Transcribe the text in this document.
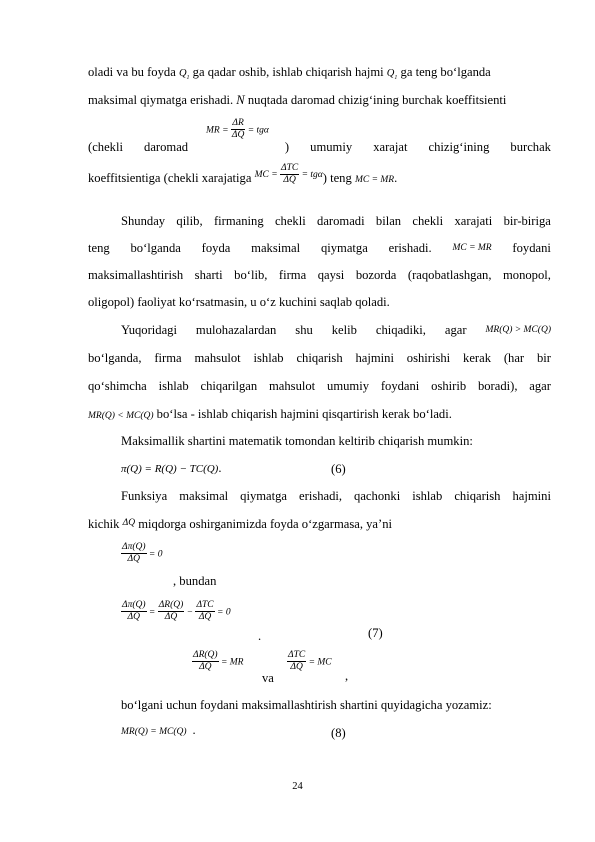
oladi va bu foyda $Q_1$ ga qadar oshib, ishlab chiqarish hajmi $Q_1$ ga teng bo‘lganda
maksimal qiymatga erishadi. N nuqtada daromad chizig‘ining burchak koeffitsienti
MR = $\frac{\Delta R}{\Delta Q} = tg\alpha$
(chekli daromad	) umumiy xarajat chizig‘ining burchak
koeffitsientiga (chekli xarajatiga MC = $\frac{\text{ΔTC}}{\Delta Q} = tg\alpha$) teng MC = MR.
Shunday qilib, firmaning chekli daromadi bilan chekli xarajati bir-biriga
teng bo‘lganda foyda maksimal qiymatga erishadi. MC = MR foydani
maksimallashtirish sharti bo‘lib, firma qaysi bozorda (raqobatlashgan, monopol,
oligopol) faoliyat ko‘rsatmasin, u o‘z kuchini saqlab qoladi.
Yuqoridagi mulohazalardan shu kelib chiqadiki, agar MR(Q) > MC(Q)
bo‘lganda, firma mahsulot ishlab chiqarish hajmini oshirishi kerak (har bir
qo‘shimcha ishlab chiqarilgan mahsulot umumiy foydani oshirib boradi), agar
MR(Q) < MC(Q) bo‘lsa - ishlab chiqarish hajmini qisqartirish kerak bo‘ladi.
Maksimallik shartini matematik tomondan keltirib chiqarish mumkin:
π(Q) = R(Q) − TC(Q).	(6)
Funksiya maksimal qiymatga erishadi, qachonki ishlab chiqarish hajmini
kichik $^{\Delta Q}$ miqdorga oshirganimizda foyda o‘zgarmasa, ya’ni
$\frac{\Delta\pi(Q)}{\Delta Q} = 0$
, bundan
$\frac{\Delta\pi(Q)}{\Delta Q} = \frac{\Delta R(Q)}{\Delta Q} - \frac{\text{ΔTC}}{\Delta Q} = 0$
.	(7)
$\frac{\Delta R(Q)}{\Delta Q}$ = MR
va
$\frac{\text{ΔTC}}{\Delta Q}$ = MC
,
bo‘lgani uchun foydani maksimallashtirish shartini quyidagicha yozamiz:
MR(Q) = MC(Q) .	(8)
24
